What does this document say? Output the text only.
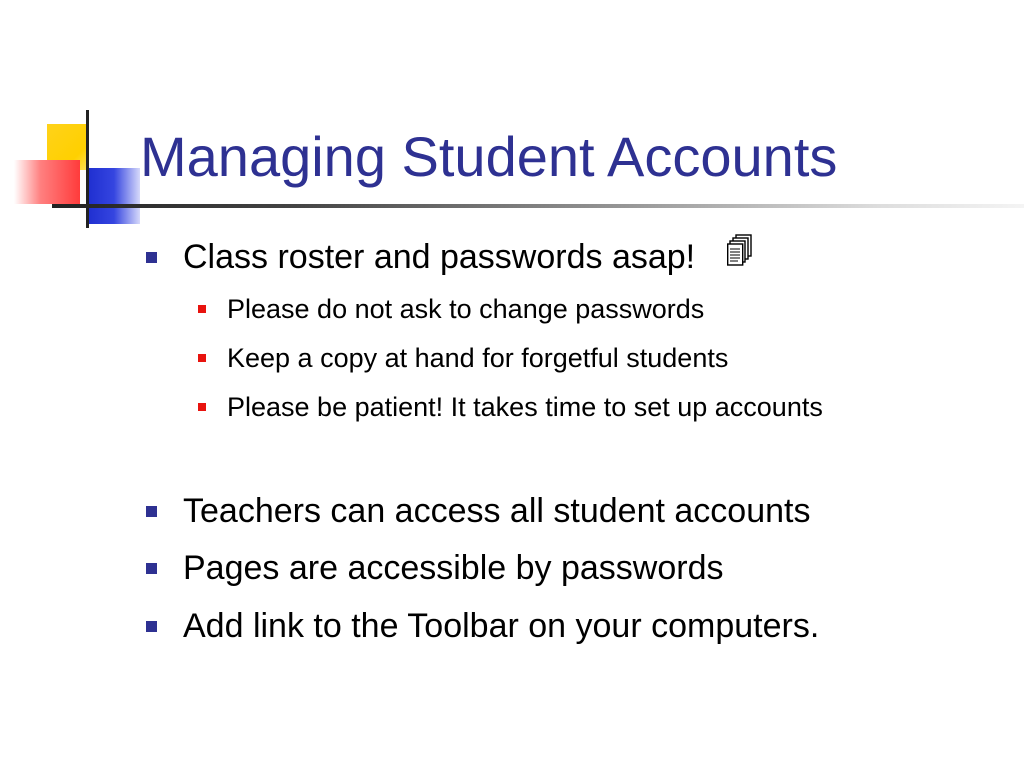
Managing Student Accounts
Class roster and passwords asap!
Please do not ask to change passwords
Keep a copy at hand for forgetful students
Please be patient! It takes time to set up accounts
Teachers can access all student accounts
Pages are accessible by passwords
Add link to the Toolbar on your computers.
